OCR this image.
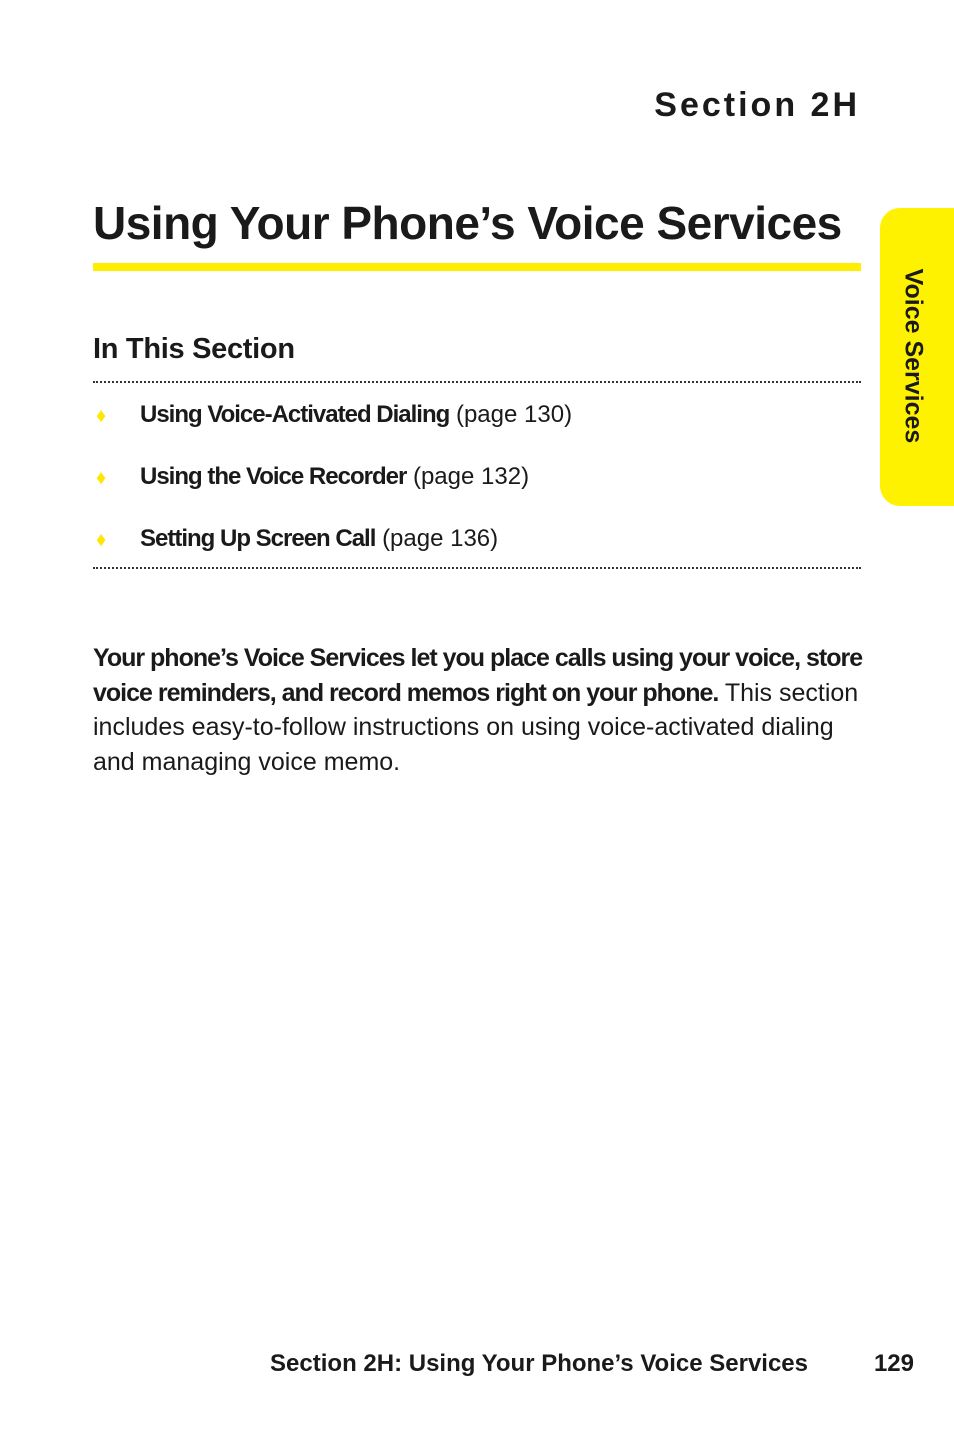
Section 2H
Using Your Phone’s Voice Services
Voice Services
In This Section
♦ Using Voice-Activated Dialing (page 130)
♦ Using the Voice Recorder (page 132)
♦ Setting Up Screen Call (page 136)
Your phone’s Voice Services let you place calls using your voice, store voice reminders, and record memos right on your phone. This section includes easy-to-follow instructions on using voice-activated dialing and managing voice memo.
Section 2H: Using Your Phone’s Voice Services	129
